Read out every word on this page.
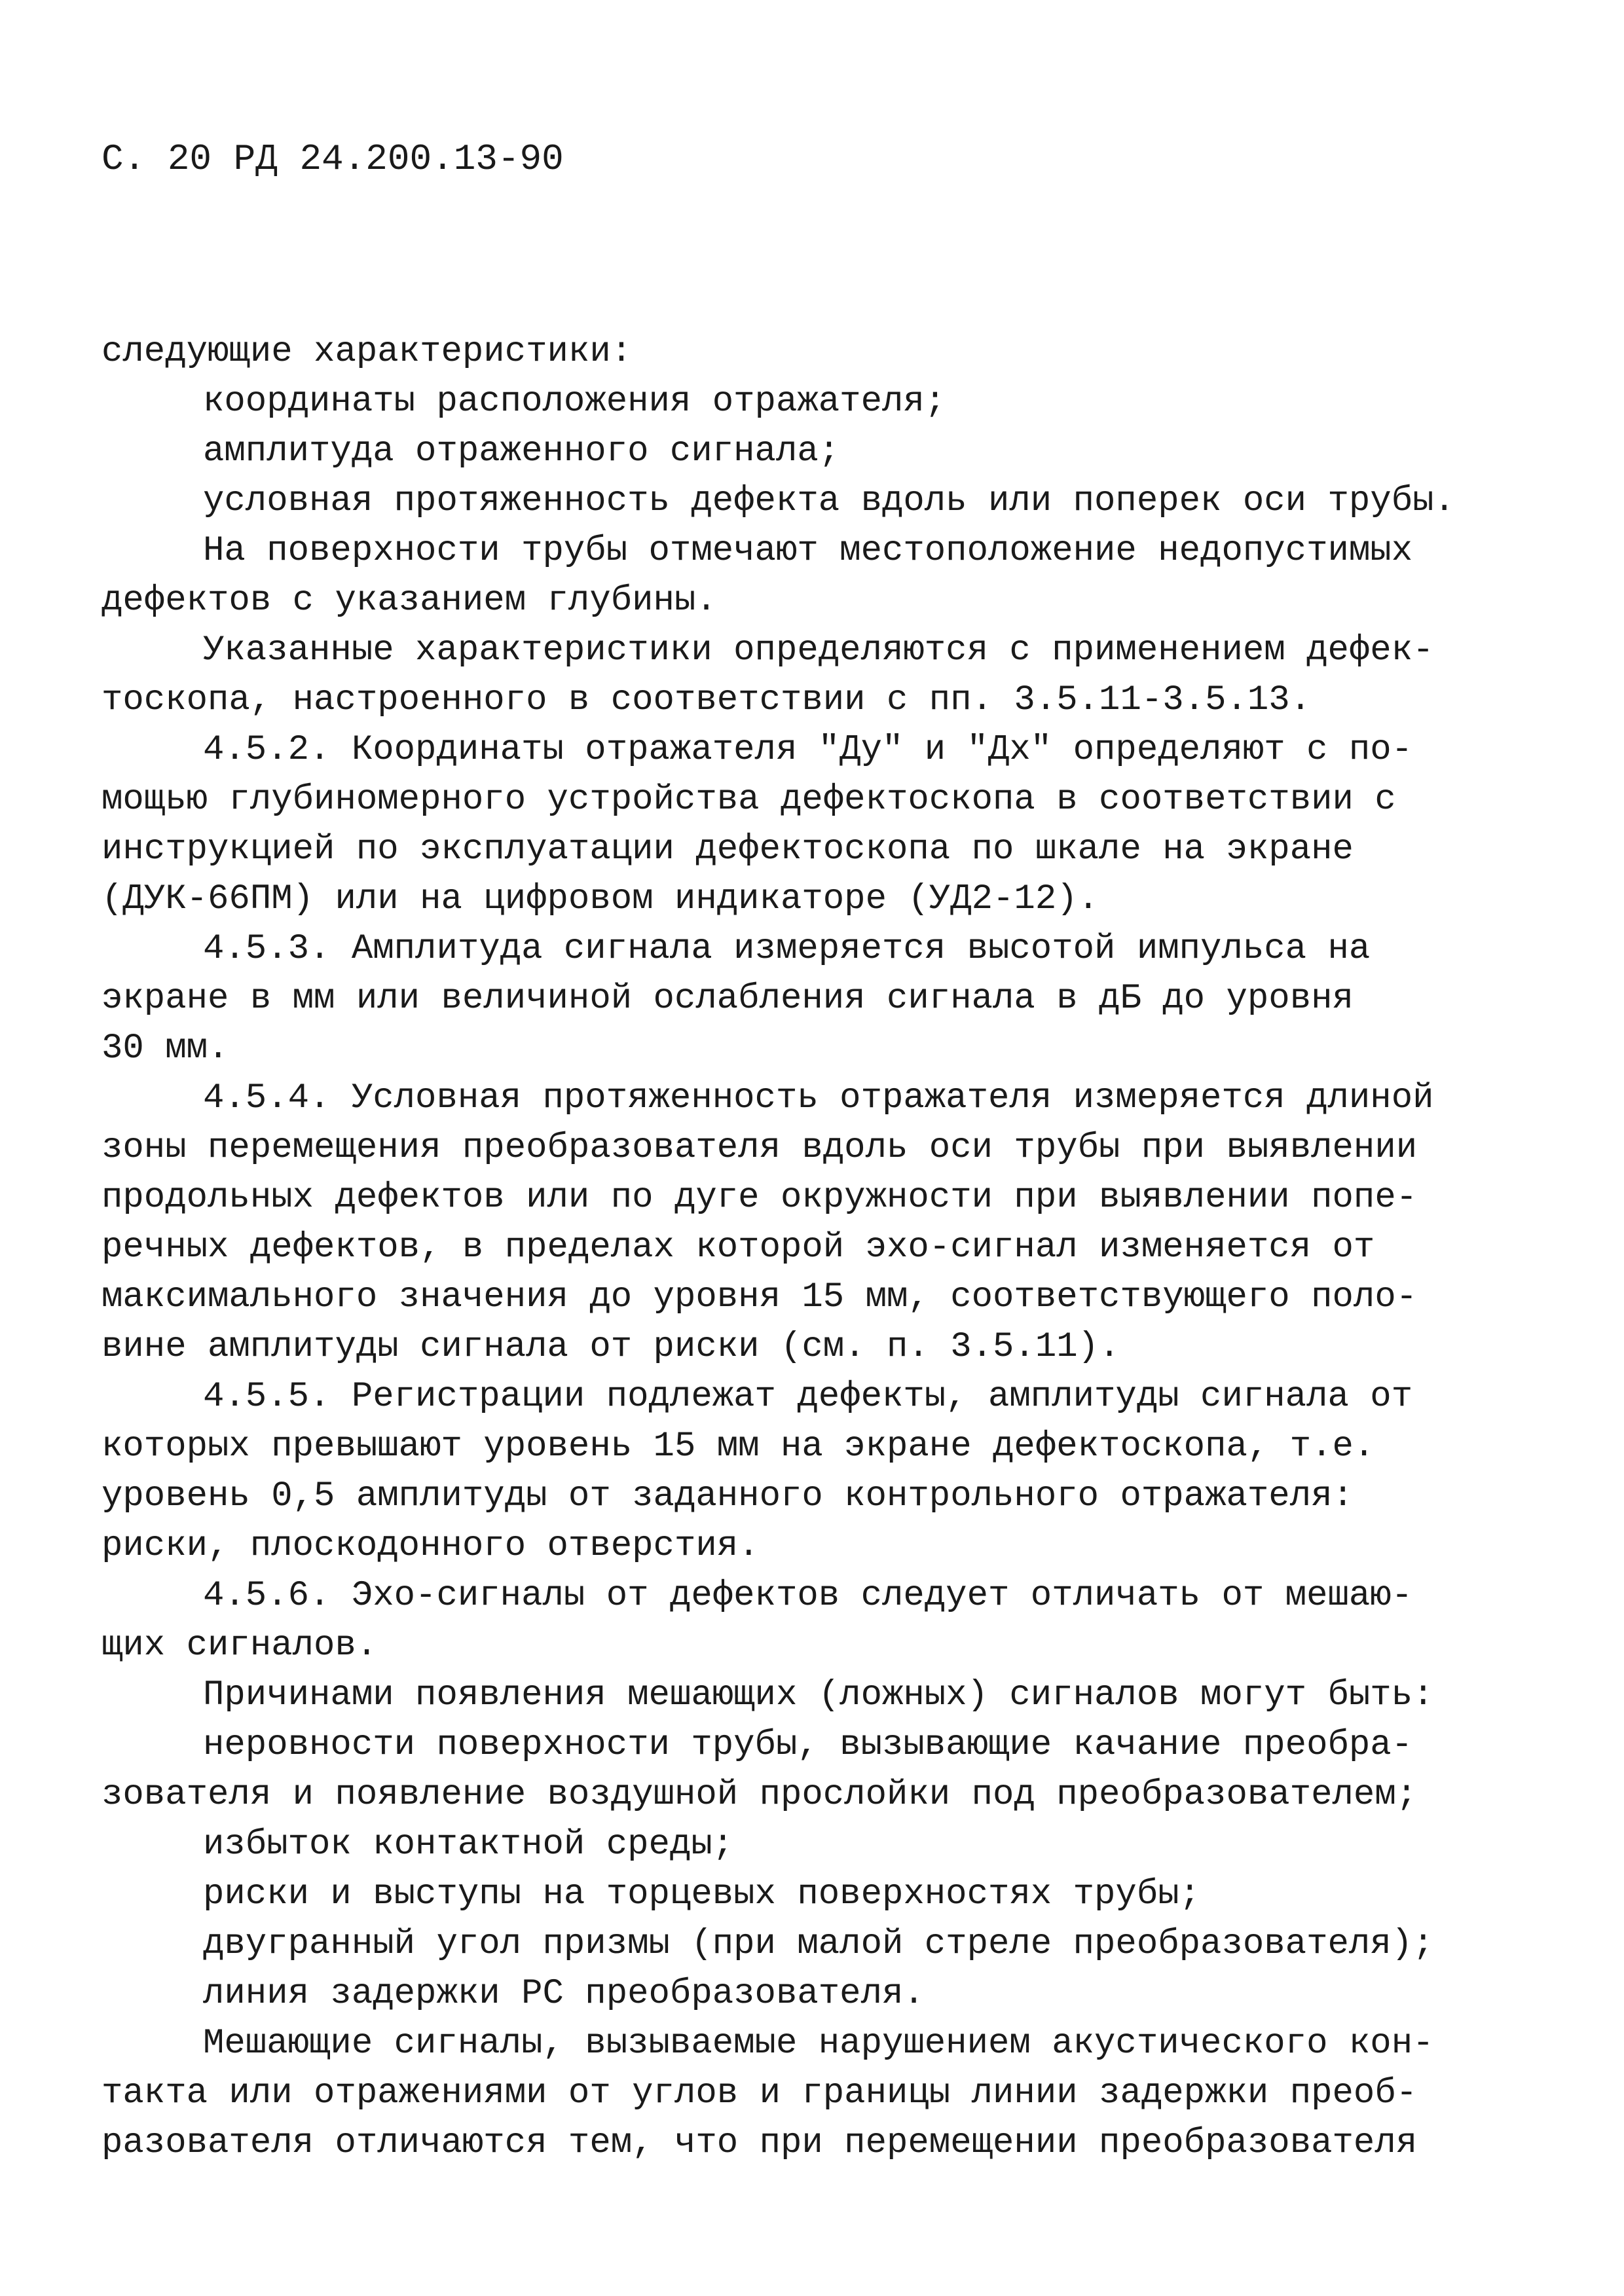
С. 20 РД 24.200.13-90
следующие характеристики:
координаты расположения отражателя;
амплитуда отраженного сигнала;
условная протяженность дефекта вдоль или поперек оси трубы.
На поверхности трубы отмечают местоположение недопустимых
дефектов с указанием глубины.
Указанные характеристики определяются с применением дефек-
тоскопа, настроенного в соответствии с пп. 3.5.11-3.5.13.
4.5.2. Координаты отражателя "Ду" и "Дх" определяют с по-
мощью глубиномерного устройства дефектоскопа в соответствии с
инструкцией по эксплуатации дефектоскопа по шкале на экране
(ДУК-66ПМ) или на цифровом индикаторе (УД2-12).
4.5.3. Амплитуда сигнала измеряется высотой импульса на
экране в мм или величиной ослабления сигнала в дБ до уровня
30 мм.
4.5.4. Условная протяженность отражателя измеряется длиной
зоны перемещения преобразователя вдоль оси трубы при выявлении
продольных дефектов или по дуге окружности при выявлении попе-
речных дефектов, в пределах которой эхо-сигнал изменяется от
максимального значения до уровня 15 мм, соответствующего поло-
вине амплитуды сигнала от риски (см. п. 3.5.11).
4.5.5. Регистрации подлежат дефекты, амплитуды сигнала от
которых превышают уровень 15 мм на экране дефектоскопа, т.е.
уровень 0,5 амплитуды от заданного контрольного отражателя:
риски, плоскодонного отверстия.
4.5.6. Эхо-сигналы от дефектов следует отличать от мешаю-
щих сигналов.
Причинами появления мешающих (ложных) сигналов могут быть:
неровности поверхности трубы, вызывающие качание преобра-
зователя и появление воздушной прослойки под преобразователем;
избыток контактной среды;
риски и выступы на торцевых поверхностях трубы;
двугранный угол призмы (при малой стреле преобразователя);
линия задержки РС преобразователя.
Мешающие сигналы, вызываемые нарушением акустического кон-
такта или отражениями от углов и границы линии задержки преоб-
разователя отличаются тем, что при перемещении преобразователя
